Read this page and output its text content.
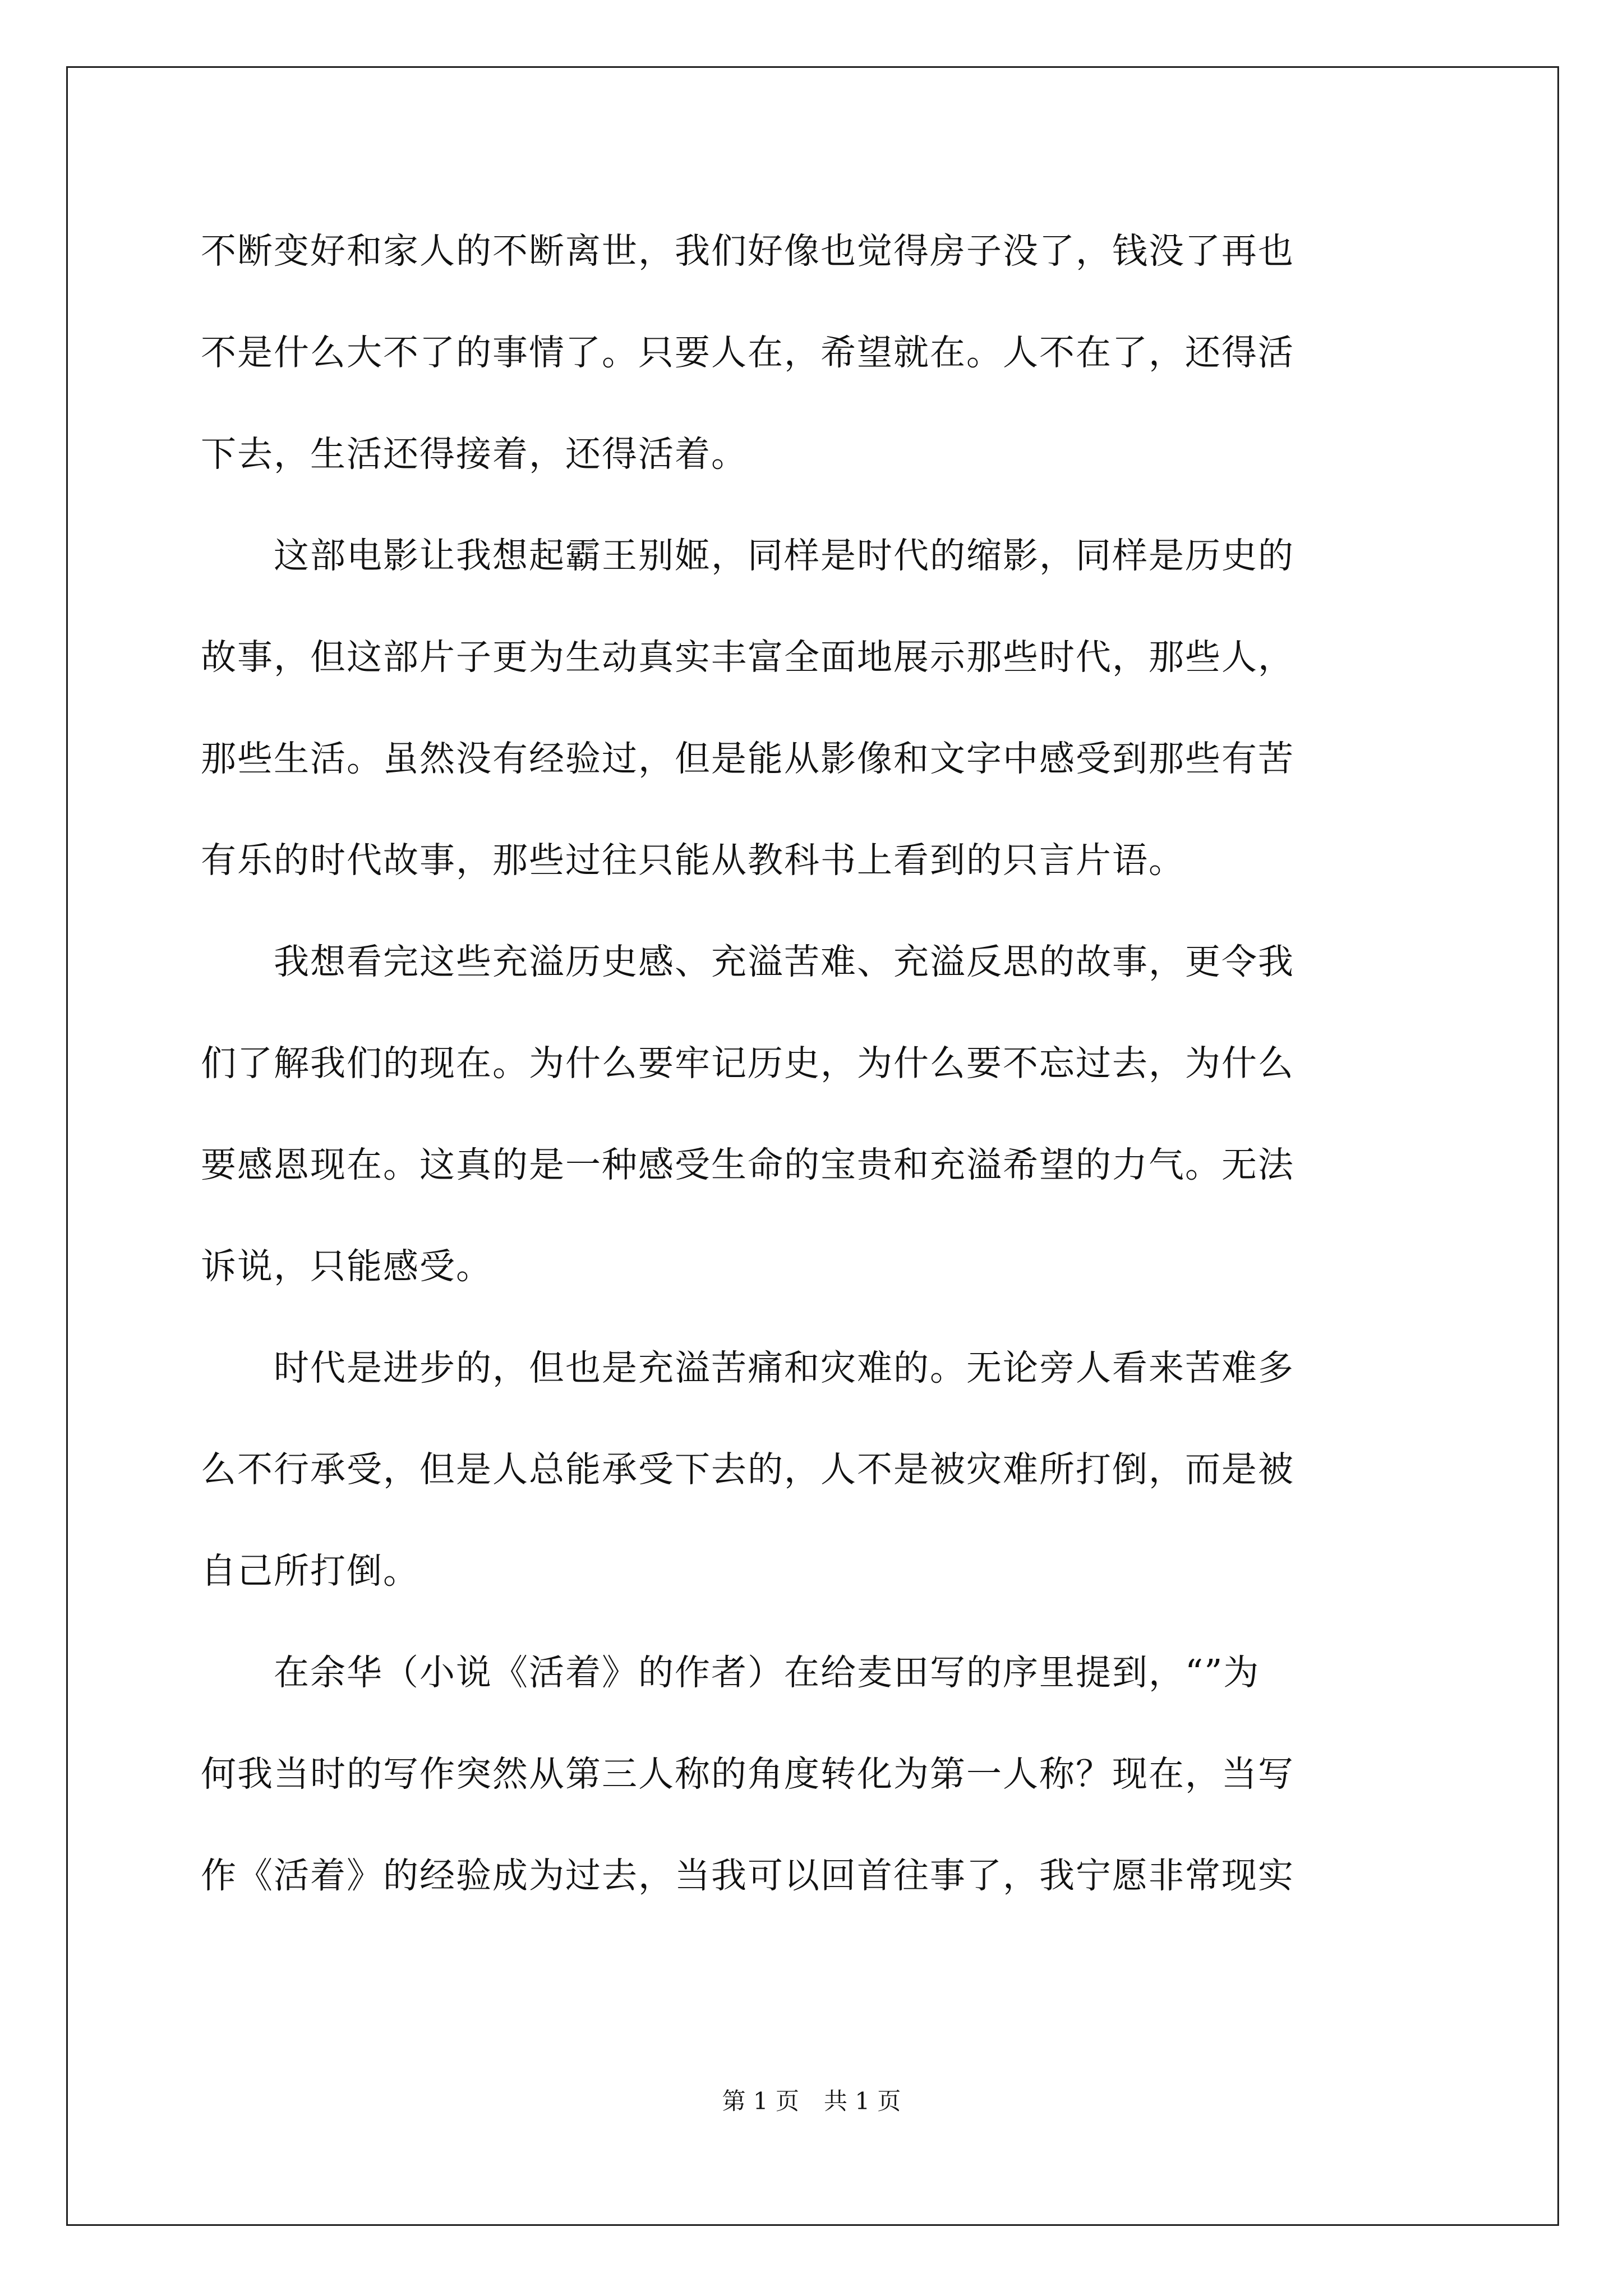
不断变好和家人的不断离世，我们好像也觉得房子没了，钱没了再也
不是什么大不了的事情了。只要人在，希望就在。人不在了，还得活
下去，生活还得接着，还得活着。
　　这部电影让我想起霸王别姬，同样是时代的缩影，同样是历史的
故事，但这部片子更为生动真实丰富全面地展示那些时代，那些人，
那些生活。虽然没有经验过，但是能从影像和文字中感受到那些有苦
有乐的时代故事，那些过往只能从教科书上看到的只言片语。
　　我想看完这些充溢历史感、充溢苦难、充溢反思的故事，更令我
们了解我们的现在。为什么要牢记历史，为什么要不忘过去，为什么
要感恩现在。这真的是一种感受生命的宝贵和充溢希望的力气。无法
诉说，只能感受。
　　时代是进步的，但也是充溢苦痛和灾难的。无论旁人看来苦难多
么不行承受，但是人总能承受下去的，人不是被灾难所打倒，而是被
自己所打倒。
　　在余华（小说《活着》的作者）在给麦田写的序里提到，“”为
何我当时的写作突然从第三人称的角度转化为第一人称？现在，当写
作《活着》的经验成为过去，当我可以回首往事了，我宁愿非常现实
第 1 页 共 1 页
